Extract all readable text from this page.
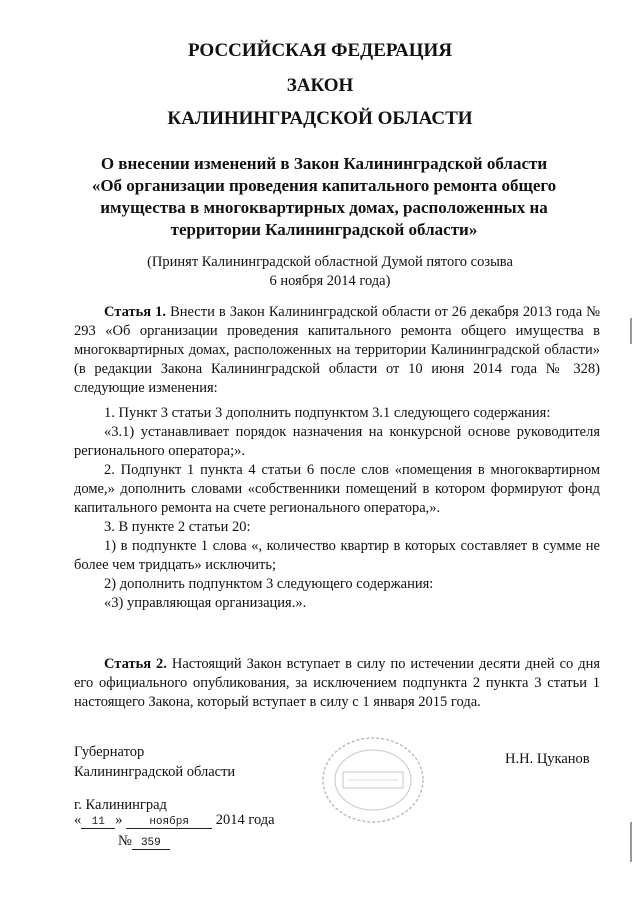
РОССИЙСКАЯ ФЕДЕРАЦИЯ
ЗАКОН
КАЛИНИНГРАДСКОЙ ОБЛАСТИ
О внесении изменений в Закон Калининградской области
«Об организации проведения капитального ремонта общего
имущества в многоквартирных домах, расположенных на
территории Калининградской области»
(Принят Калининградской областной Думой пятого созыва
6 ноября 2014 года)

Статья 1. Внести в Закон Калининградской области от 26 декабря 2013 года № 293 «Об организации проведения капитального ремонта общего имущества в многоквартирных домах, расположенных на территории Калининградской области» (в редакции Закона Калининградской области от 10 июня 2014 года № 328) следующие изменения:

1. Пункт 3 статьи 3 дополнить подпунктом 3.1 следующего содержания:

«3.1) устанавливает порядок назначения на конкурсной основе руководителя регионального оператора;».

2. Подпункт 1 пункта 4 статьи 6 после слов «помещения в многоквартирном доме,» дополнить словами «собственники помещений в котором формируют фонд капитального ремонта на счете регионального оператора,».

3. В пункте 2 статьи 20:

1) в подпункте 1 слова «, количество квартир в которых составляет в сумме не более чем тридцать» исключить;

2) дополнить подпунктом 3 следующего содержания:

«3) управляющая организация.».

Статья 2. Настоящий Закон вступает в силу по истечении десяти дней со дня его официального опубликования, за исключением подпункта 2 пункта 3 статьи 1 настоящего Закона, который вступает в силу с 1 января 2015 года.

Губернатор
Калининградской области
Н.Н. Цуканов
г. Калининград
« 11 » ноября 2014 года
№ 359
